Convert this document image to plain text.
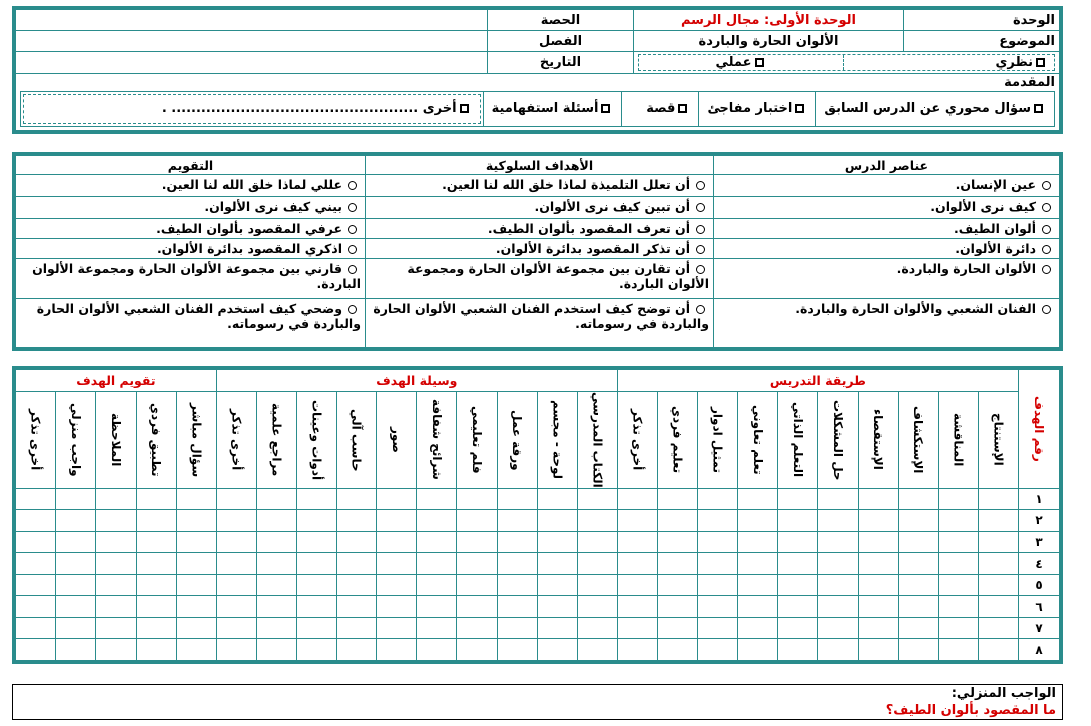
الوحدة	الوحدة الأولى: مجال الرسم	الحصة	
الموضوع	الألوان الحارة والباردة	الفصل	

نظري
عملي		التاريخ	
المقدمة			

سؤال محوري عن الدرس السابق
اختبار مفاجئ
قصة
أسئلة استفهامية
أخرى .................................................. .			
عناصر الدرس	الأهداف السلوكية	التقويم
عين الإنسان.	أن تعلل التلميذة لماذا خلق الله لنا العين.	عللي لماذا خلق الله لنا العين.
كيف نرى الألوان.	أن تبين كيف نرى الألوان.	بيني كيف نرى الألوان.
ألوان الطيف.	أن تعرف المقصود بألوان الطيف.	عرفي المقصود بألوان الطيف.
دائرة الألوان.	أن تذكر المقصود بدائرة الألوان.	اذكري المقصود بدائرة الألوان.
الألوان الحارة والباردة.	أن تقارن بين مجموعة الألوان الحارة ومجموعة الألوان الباردة.	قارني بين مجموعة الألوان الحارة ومجموعة الألوان الباردة.
الفنان الشعبي والألوان الحارة والباردة.	أن توضح كيف استخدم الفنان الشعبي الألوان الحارة والباردة في رسوماته.	وضحي كيف استخدم الفنان الشعبي الألوان الحارة والباردة في رسوماته.
رقم الهدف	طريقة التدريس										وسيلة الهدف										تقويم الهدف				

	الإستنتاج	المناقشة	الإستكشاف	الإستقصاء	حل المشكلات	التعلم الذاتي	تعلم تعاوني	تمثيل ادوار	تعليم فردي	أخرى تذكر	الكتاب المدرسي	لوحة - مجسم	ورقة عمل	فلم تعليمي	شرائح شفافة	صور	حاسب آلي	أدوات وعينات	مراجع علمية	أخرى تذكر	سؤال مباشر	تطبيق فردي	الملاحظة	واجب منزلي	أخرى تذكر

١																									
٢																									
٣																									
٤																									
٥																									
٦																									
٧																									
٨																									
الواجب المنزلي:
ما المقصود بألوان الطيف؟
